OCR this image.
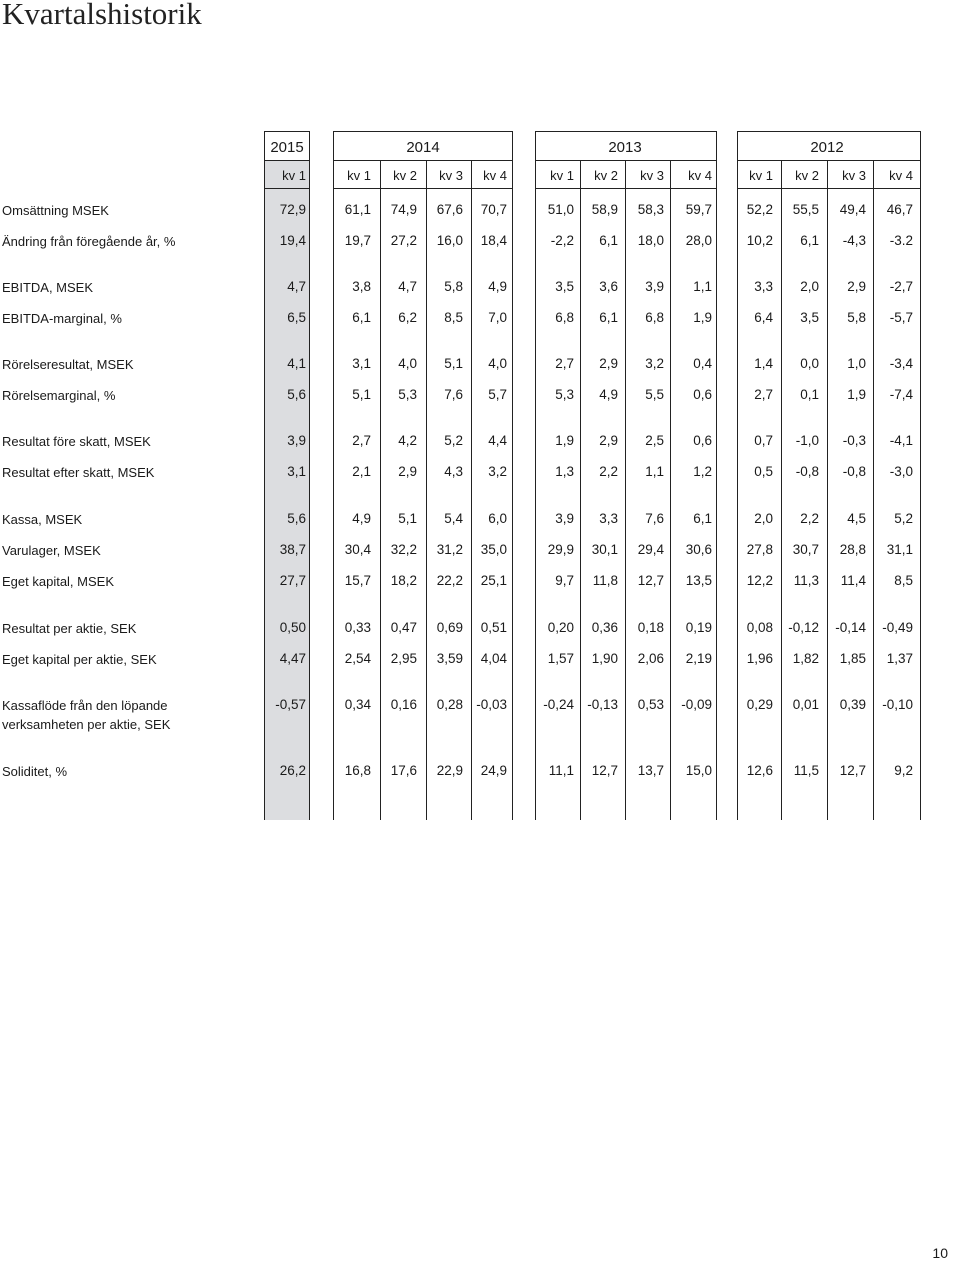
Kvartalshistorik
2015	2014	2013	2012
kv 1	kv 1	kv 2	kv 3	kv 4	kv 1	kv 2	kv 3	kv 4	kv 1	kv 2	kv 3	kv 4
Omsättning MSEK	72,9	61,1	74,9	67,6	70,7	51,0	58,9	58,3	59,7	52,2	55,5	49,4	46,7
Ändring från föregående år, %	19,4	19,7	27,2	16,0	18,4	-2,2	6,1	18,0	28,0	10,2	6,1	-4,3	-3.2
EBITDA, MSEK	4,7	3,8	4,7	5,8	4,9	3,5	3,6	3,9	1,1	3,3	2,0	2,9	-2,7
EBITDA-marginal, %	6,5	6,1	6,2	8,5	7,0	6,8	6,1	6,8	1,9	6,4	3,5	5,8	-5,7
Rörelseresultat, MSEK	4,1	3,1	4,0	5,1	4,0	2,7	2,9	3,2	0,4	1,4	0,0	1,0	-3,4
Rörelsemarginal, %	5,6	5,1	5,3	7,6	5,7	5,3	4,9	5,5	0,6	2,7	0,1	1,9	-7,4
Resultat före skatt, MSEK	3,9	2,7	4,2	5,2	4,4	1,9	2,9	2,5	0,6	0,7	-1,0	-0,3	-4,1
Resultat efter skatt, MSEK	3,1	2,1	2,9	4,3	3,2	1,3	2,2	1,1	1,2	0,5	-0,8	-0,8	-3,0
Kassa, MSEK	5,6	4,9	5,1	5,4	6,0	3,9	3,3	7,6	6,1	2,0	2,2	4,5	5,2
Varulager, MSEK	38,7	30,4	32,2	31,2	35,0	29,9	30,1	29,4	30,6	27,8	30,7	28,8	31,1
Eget kapital, MSEK	27,7	15,7	18,2	22,2	25,1	9,7	11,8	12,7	13,5	12,2	11,3	11,4	8,5
Resultat per aktie, SEK	0,50	0,33	0,47	0,69	0,51	0,20	0,36	0,18	0,19	0,08	-0,12	-0,14	-0,49
Eget kapital per aktie, SEK	4,47	2,54	2,95	3,59	4,04	1,57	1,90	2,06	2,19	1,96	1,82	1,85	1,37
Kassaflöde från den löpande
verksamheten per aktie, SEK
-0,57	0,34	0,16	0,28 -0,03	-0,24 -0,13	0,53	-0,09	0,29	0,01	0,39	-0,10
Soliditet, %	26,2	16,8	17,6	22,9	24,9	11,1	12,7	13,7	15,0	12,6	11,5	12,7	9,2
10
